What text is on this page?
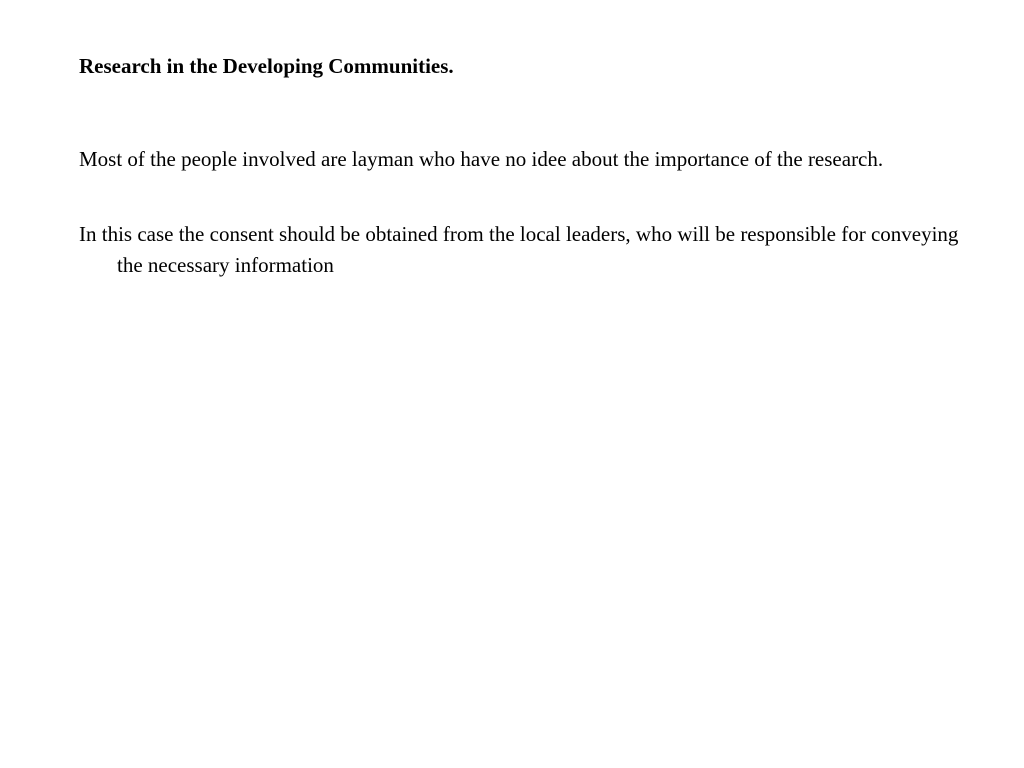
Research in the Developing Communities.

Most of the people involved are layman who have no idee about the importance of the research.

In this case the consent should be obtained from the local leaders, who will be responsible for conveying the necessary information
